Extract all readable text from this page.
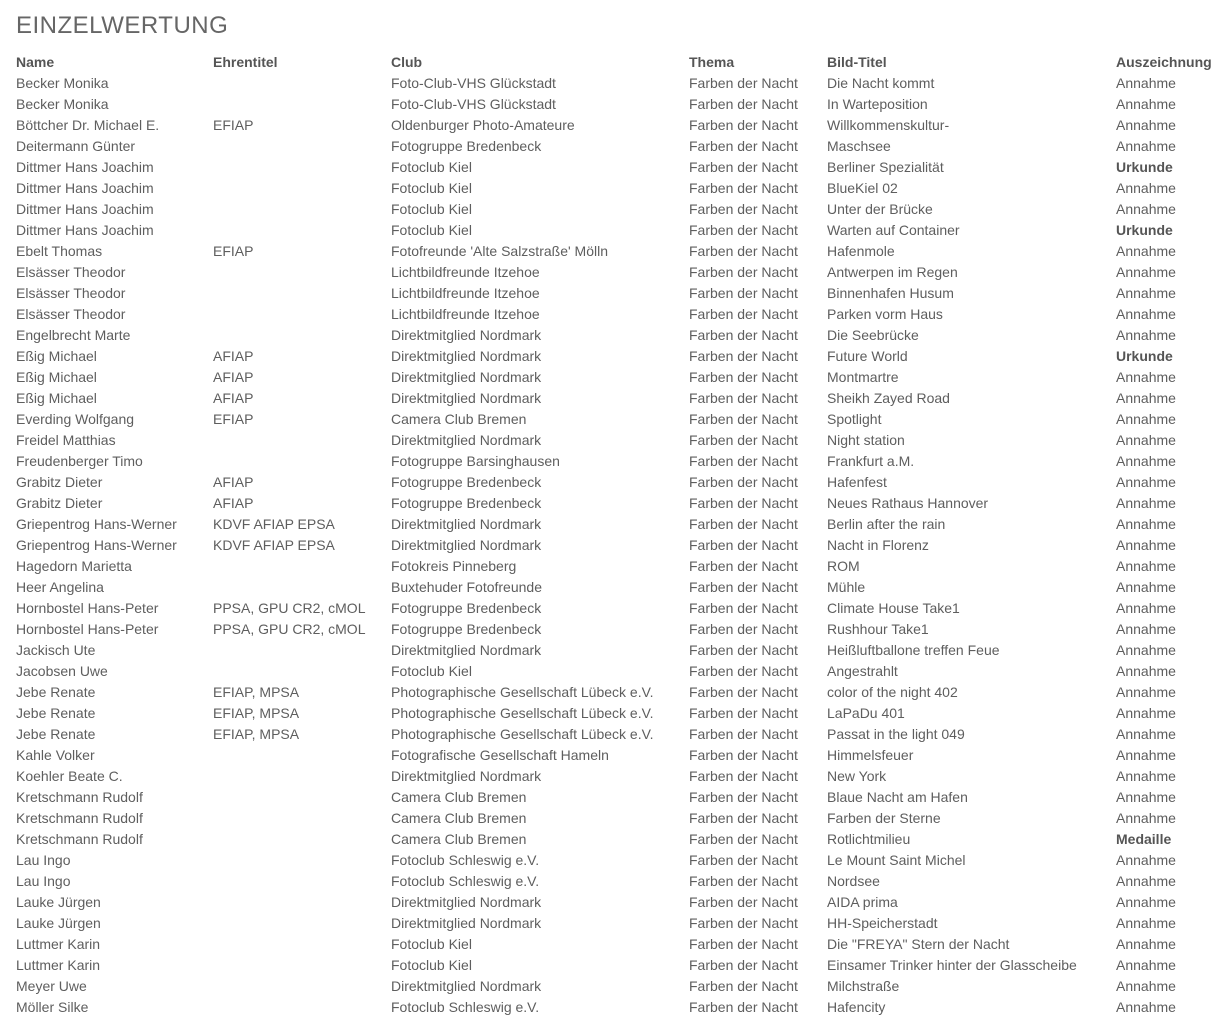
EINZELWERTUNG
Name	Ehrentitel	Club	Thema	Bild-Titel	Auszeichnung
Becker Monika		Foto-Club-VHS Glückstadt	Farben der Nacht	Die Nacht kommt	Annahme
Becker Monika		Foto-Club-VHS Glückstadt	Farben der Nacht	In Warteposition	Annahme
Böttcher Dr. Michael E.	EFIAP	Oldenburger Photo-Amateure	Farben der Nacht	Willkommenskultur-	Annahme
Deitermann Günter		Fotogruppe Bredenbeck	Farben der Nacht	Maschsee	Annahme
Dittmer Hans Joachim		Fotoclub Kiel	Farben der Nacht	Berliner Spezialität	Urkunde
Dittmer Hans Joachim		Fotoclub Kiel	Farben der Nacht	BlueKiel 02	Annahme
Dittmer Hans Joachim		Fotoclub Kiel	Farben der Nacht	Unter der Brücke	Annahme
Dittmer Hans Joachim		Fotoclub Kiel	Farben der Nacht	Warten auf Container	Urkunde
Ebelt Thomas	EFIAP	Fotofreunde 'Alte Salzstraße' Mölln	Farben der Nacht	Hafenmole	Annahme
Elsässer Theodor		Lichtbildfreunde Itzehoe	Farben der Nacht	Antwerpen im Regen	Annahme
Elsässer Theodor		Lichtbildfreunde Itzehoe	Farben der Nacht	Binnenhafen Husum	Annahme
Elsässer Theodor		Lichtbildfreunde Itzehoe	Farben der Nacht	Parken vorm Haus	Annahme
Engelbrecht Marte		Direktmitglied Nordmark	Farben der Nacht	Die Seebrücke	Annahme
Eßig Michael	AFIAP	Direktmitglied Nordmark	Farben der Nacht	Future World	Urkunde
Eßig Michael	AFIAP	Direktmitglied Nordmark	Farben der Nacht	Montmartre	Annahme
Eßig Michael	AFIAP	Direktmitglied Nordmark	Farben der Nacht	Sheikh Zayed Road	Annahme
Everding Wolfgang	EFIAP	Camera Club Bremen	Farben der Nacht	Spotlight	Annahme
Freidel Matthias		Direktmitglied Nordmark	Farben der Nacht	Night station	Annahme
Freudenberger Timo		Fotogruppe Barsinghausen	Farben der Nacht	Frankfurt a.M.	Annahme
Grabitz Dieter	AFIAP	Fotogruppe Bredenbeck	Farben der Nacht	Hafenfest	Annahme
Grabitz Dieter	AFIAP	Fotogruppe Bredenbeck	Farben der Nacht	Neues Rathaus Hannover	Annahme
Griepentrog Hans-Werner	KDVF AFIAP EPSA	Direktmitglied Nordmark	Farben der Nacht	Berlin after the rain	Annahme
Griepentrog Hans-Werner	KDVF AFIAP EPSA	Direktmitglied Nordmark	Farben der Nacht	Nacht in Florenz	Annahme
Hagedorn Marietta		Fotokreis Pinneberg	Farben der Nacht	ROM	Annahme
Heer Angelina		Buxtehuder Fotofreunde	Farben der Nacht	Mühle	Annahme
Hornbostel Hans-Peter	PPSA, GPU CR2, cMOL	Fotogruppe Bredenbeck	Farben der Nacht	Climate House Take1	Annahme
Hornbostel Hans-Peter	PPSA, GPU CR2, cMOL	Fotogruppe Bredenbeck	Farben der Nacht	Rushhour Take1	Annahme
Jackisch Ute		Direktmitglied Nordmark	Farben der Nacht	Heißluftballone treffen Feue	Annahme
Jacobsen Uwe		Fotoclub Kiel	Farben der Nacht	Angestrahlt	Annahme
Jebe Renate	EFIAP, MPSA	Photographische Gesellschaft Lübeck e.V.	Farben der Nacht	color of the night 402	Annahme
Jebe Renate	EFIAP, MPSA	Photographische Gesellschaft Lübeck e.V.	Farben der Nacht	LaPaDu 401	Annahme
Jebe Renate	EFIAP, MPSA	Photographische Gesellschaft Lübeck e.V.	Farben der Nacht	Passat in the light 049	Annahme
Kahle Volker		Fotografische Gesellschaft Hameln	Farben der Nacht	Himmelsfeuer	Annahme
Koehler Beate C.		Direktmitglied Nordmark	Farben der Nacht	New York	Annahme
Kretschmann Rudolf		Camera Club Bremen	Farben der Nacht	Blaue Nacht am Hafen	Annahme
Kretschmann Rudolf		Camera Club Bremen	Farben der Nacht	Farben der Sterne	Annahme
Kretschmann Rudolf		Camera Club Bremen	Farben der Nacht	Rotlichtmilieu	Medaille
Lau Ingo		Fotoclub Schleswig e.V.	Farben der Nacht	Le Mount Saint Michel	Annahme
Lau Ingo		Fotoclub Schleswig e.V.	Farben der Nacht	Nordsee	Annahme
Lauke Jürgen		Direktmitglied Nordmark	Farben der Nacht	AIDA prima	Annahme
Lauke Jürgen		Direktmitglied Nordmark	Farben der Nacht	HH-Speicherstadt	Annahme
Luttmer Karin		Fotoclub Kiel	Farben der Nacht	Die "FREYA" Stern der Nacht	Annahme
Luttmer Karin		Fotoclub Kiel	Farben der Nacht	Einsamer Trinker hinter der Glasscheibe	Annahme
Meyer Uwe		Direktmitglied Nordmark	Farben der Nacht	Milchstraße	Annahme
Möller Silke		Fotoclub Schleswig e.V.	Farben der Nacht	Hafencity	Annahme
